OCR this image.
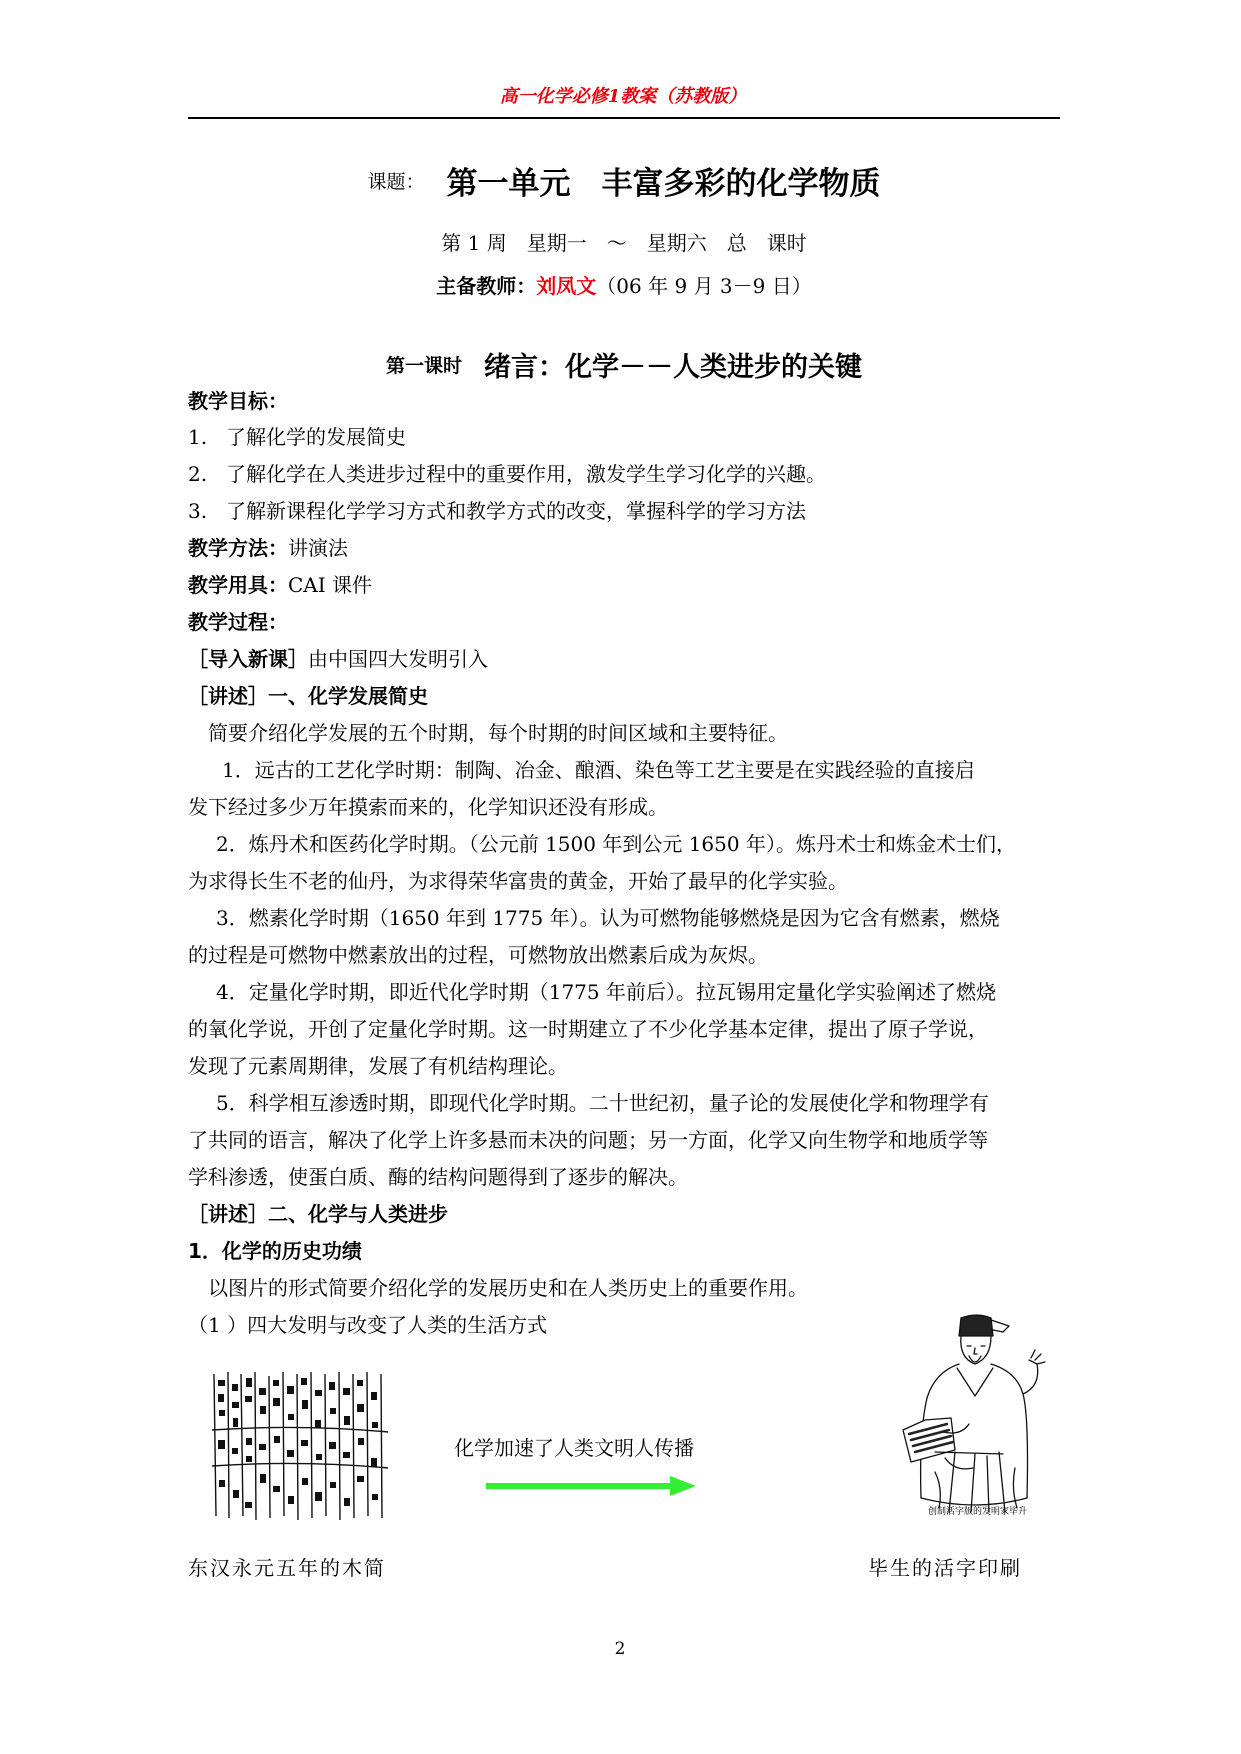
高一化学必修1教案（苏教版）
课题： 第一单元　丰富多彩的化学物质
第 1 周　星期一　～　星期六　总　课时
主备教师：刘凤文（06 年 9 月 3－9 日）
第一课时 绪言：化学－－人类进步的关键
教学目标：
1. 了解化学的发展简史
2. 了解化学在人类进步过程中的重要作用，激发学生学习化学的兴趣。
3. 了解新课程化学学习方式和教学方式的改变，掌握科学的学习方法
教学方法：讲演法
教学用具：CAI 课件
教学过程：
［导入新课］由中国四大发明引入
［讲述］一、化学发展简史
简要介绍化学发展的五个时期，每个时期的时间区域和主要特征。
1．远古的工艺化学时期：制陶、冶金、酿酒、染色等工艺主要是在实践经验的直接启
发下经过多少万年摸索而来的，化学知识还没有形成。
2．炼丹术和医药化学时期。（公元前 1500 年到公元 1650 年）。炼丹术士和炼金术士们，
为求得长生不老的仙丹，为求得荣华富贵的黄金，开始了最早的化学实验。
3．燃素化学时期（1650 年到 1775 年）。认为可燃物能够燃烧是因为它含有燃素，燃烧
的过程是可燃物中燃素放出的过程，可燃物放出燃素后成为灰烬。
4．定量化学时期，即近代化学时期（1775 年前后）。拉瓦锡用定量化学实验阐述了燃烧
的氧化学说，开创了定量化学时期。这一时期建立了不少化学基本定律，提出了原子学说，
发现了元素周期律，发展了有机结构理论。
5．科学相互渗透时期，即现代化学时期。二十世纪初，量子论的发展使化学和物理学有
了共同的语言，解决了化学上许多悬而未决的问题；另一方面，化学又向生物学和地质学等
学科渗透，使蛋白质、酶的结构问题得到了逐步的解决。
［讲述］二、化学与人类进步
1．化学的历史功绩
以图片的形式简要介绍化学的发展历史和在人类历史上的重要作用。
（1 ）四大发明与改变了人类的生活方式
化学加速了人类文明人传播
创制活字版的发明家毕升
东汉永元五年的木简	毕生的活字印刷
2
